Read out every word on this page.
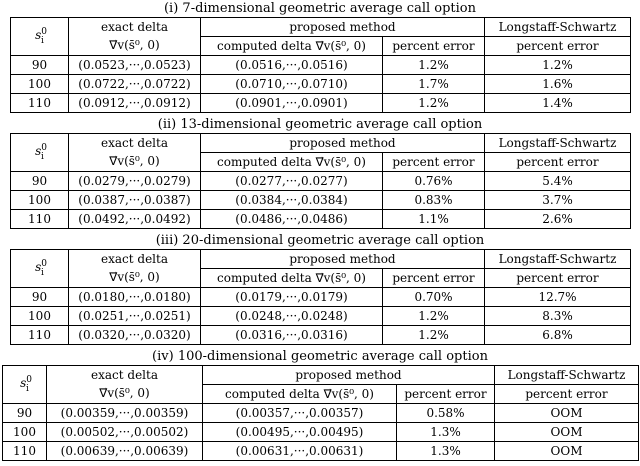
(i) 7-dimensional geometric average call option
$s^0_i$	exact delta	proposed method		Longstaff-Schwartz
	∇⃗v(s̄⁰, 0)	computed delta ∇⃗v(s̄⁰, 0)	percent error	percent error
90	(0.0523,···,0.0523)	(0.0516,···,0.0516)	1.2%	1.2%
100	(0.0722,···,0.0722)	(0.0710,···,0.0710)	1.7%	1.6%
110	(0.0912,···,0.0912)	(0.0901,···,0.0901)	1.2%	1.4%
(ii) 13-dimensional geometric average call option
$s^0_i$	exact delta	proposed method		Longstaff-Schwartz
	∇⃗v(s̄⁰, 0)	computed delta ∇⃗v(s̄⁰, 0)	percent error	percent error
90	(0.0279,···,0.0279)	(0.0277,···,0.0277)	0.76%	5.4%
100	(0.0387,···,0.0387)	(0.0384,···,0.0384)	0.83%	3.7%
110	(0.0492,···,0.0492)	(0.0486,···,0.0486)	1.1%	2.6%
(iii) 20-dimensional geometric average call option
$s^0_i$	exact delta	proposed method		Longstaff-Schwartz
	∇⃗v(s̄⁰, 0)	computed delta ∇⃗v(s̄⁰, 0)	percent error	percent error
90	(0.0180,···,0.0180)	(0.0179,···,0.0179)	0.70%	12.7%
100	(0.0251,···,0.0251)	(0.0248,···,0.0248)	1.2%	8.3%
110	(0.0320,···,0.0320)	(0.0316,···,0.0316)	1.2%	6.8%
(iv) 100-dimensional geometric average call option
$s^0_i$	exact delta	proposed method		Longstaff-Schwartz
	∇⃗v(s̄⁰, 0)	computed delta ∇⃗v(s̄⁰, 0)	percent error	percent error
90	(0.00359,···,0.00359)	(0.00357,···,0.00357)	0.58%	OOM
100	(0.00502,···,0.00502)	(0.00495,···,0.00495)	1.3%	OOM
110	(0.00639,···,0.00639)	(0.00631,···,0.00631)	1.3%	OOM
